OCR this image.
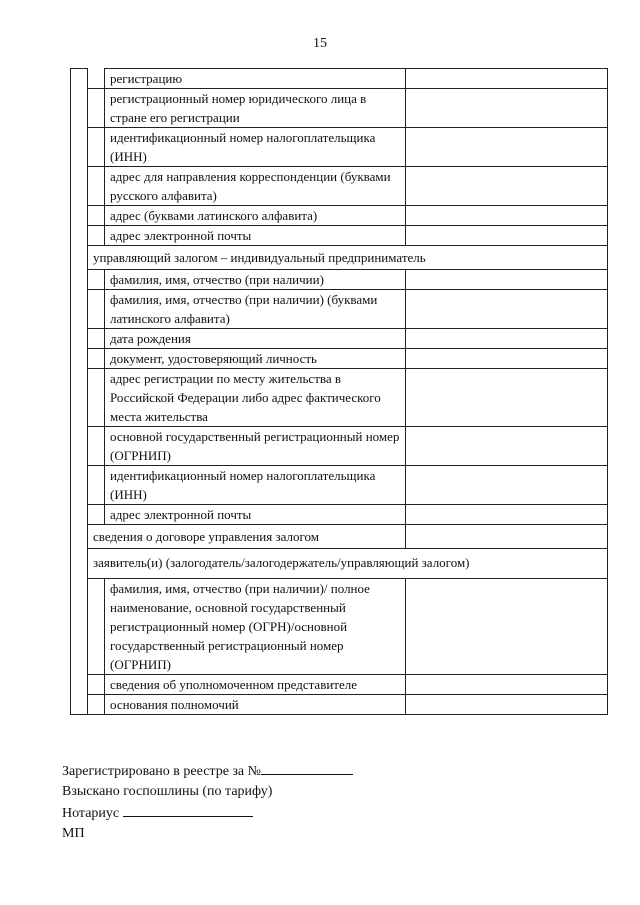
15
		регистрацию	
		регистрационный номер юридического лица в стране его регистрации	
		идентификационный номер налогоплательщика (ИНН)	
		адрес для направления корреспонденции (буквами русского алфавита)	
		адрес (буквами латинского алфавита)	
		адрес электронной почты	
	управляющий залогом – индивидуальный предприниматель		
		фамилия, имя, отчество (при наличии)	
		фамилия, имя, отчество (при наличии) (буквами латинского алфавита)	
		дата рождения	
		документ, удостоверяющий личность	
		адрес регистрации по месту жительства в Российской Федерации либо адрес фактического места жительства	
		основной государственный регистрационный номер (ОГРНИП)	
		идентификационный номер налогоплательщика (ИНН)	
		адрес электронной почты	
	сведения о договоре управления залогом		
	заявитель(и) (залогодатель/залогодержатель/управляющий залогом)		
		фамилия, имя, отчество (при наличии)/ полное наименование, основной государственный регистрационный номер (ОГРН)/основной государственный регистрационный номер (ОГРНИП)	
		сведения об уполномоченном представителе	
		основания полномочий	
Зарегистрировано в реестре за №
Взыскано госпошлины (по тарифу)
Нотариус
МП
